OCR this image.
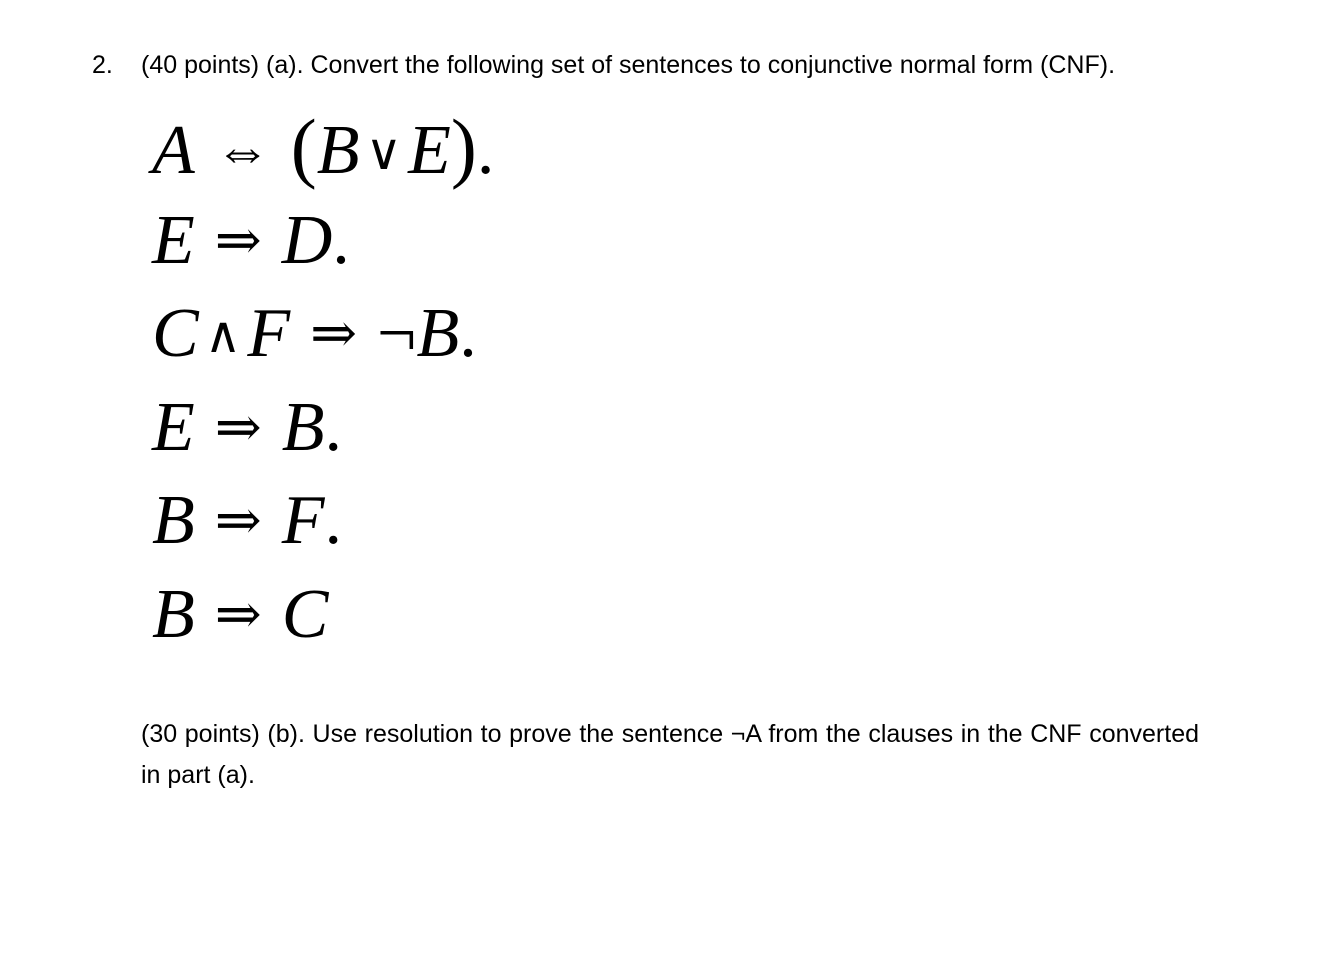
2. (40 points) (a). Convert the following set of sentences to conjunctive normal form (CNF).
A ⇔ (B ∨E).
E ⇒ D.
C ∧F ⇒ ¬B.
E ⇒ B.
B ⇒ F.
B ⇒ C
(30 points) (b). Use resolution to prove the sentence ¬A from the clauses in the CNF converted in part (a).
